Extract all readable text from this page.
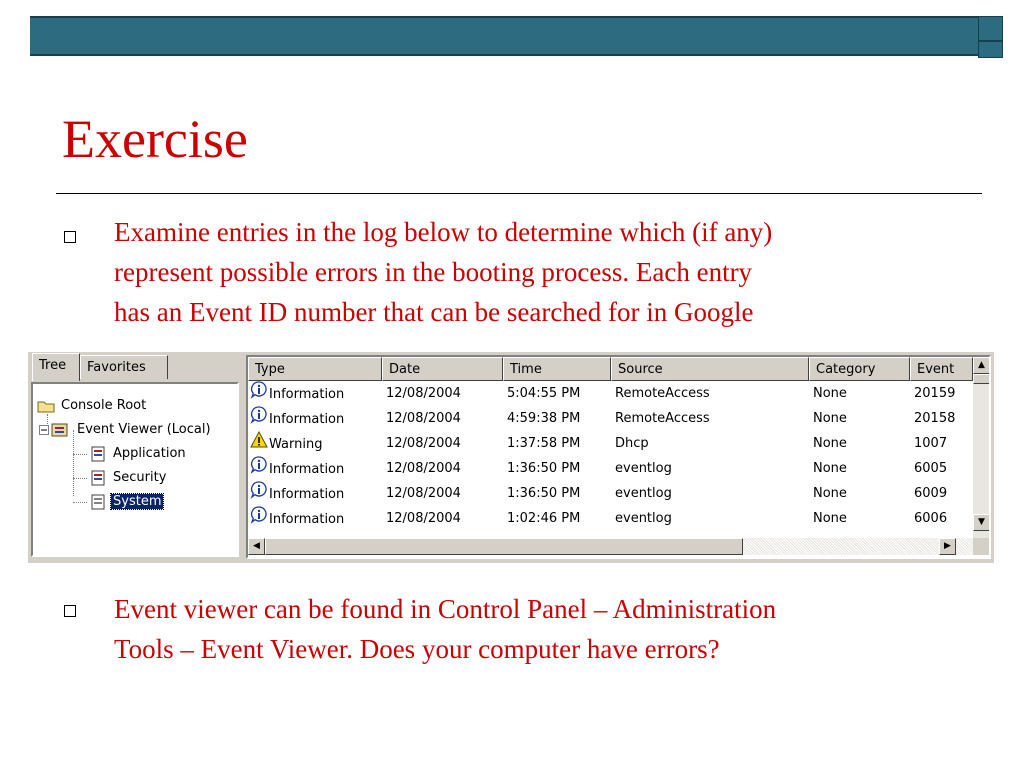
Exercise
Examine entries in the log below to determine which (if any)
represent possible errors in the booting process. Each entry
has an Event ID number that can be searched for in Google
Event viewer can be found in Control Panel – Administration
Tools – Event Viewer. Does your computer have errors?
Tree	Favorites
Console Root
Event Viewer (Local)
Application
Security
System
Type	Date	Time	Source	Category	Event
Information	12/08/2004	5:04:55 PM	RemoteAccess	None	20159
Information	12/08/2004	4:59:38 PM	RemoteAccess	None	20158
Warning	12/08/2004	1:37:58 PM	Dhcp	None	1007
Information	12/08/2004	1:36:50 PM	eventlog	None	6005
Information	12/08/2004	1:36:50 PM	eventlog	None	6009
Information	12/08/2004	1:02:46 PM	eventlog	None	6006
▲
▼
◀	▶
